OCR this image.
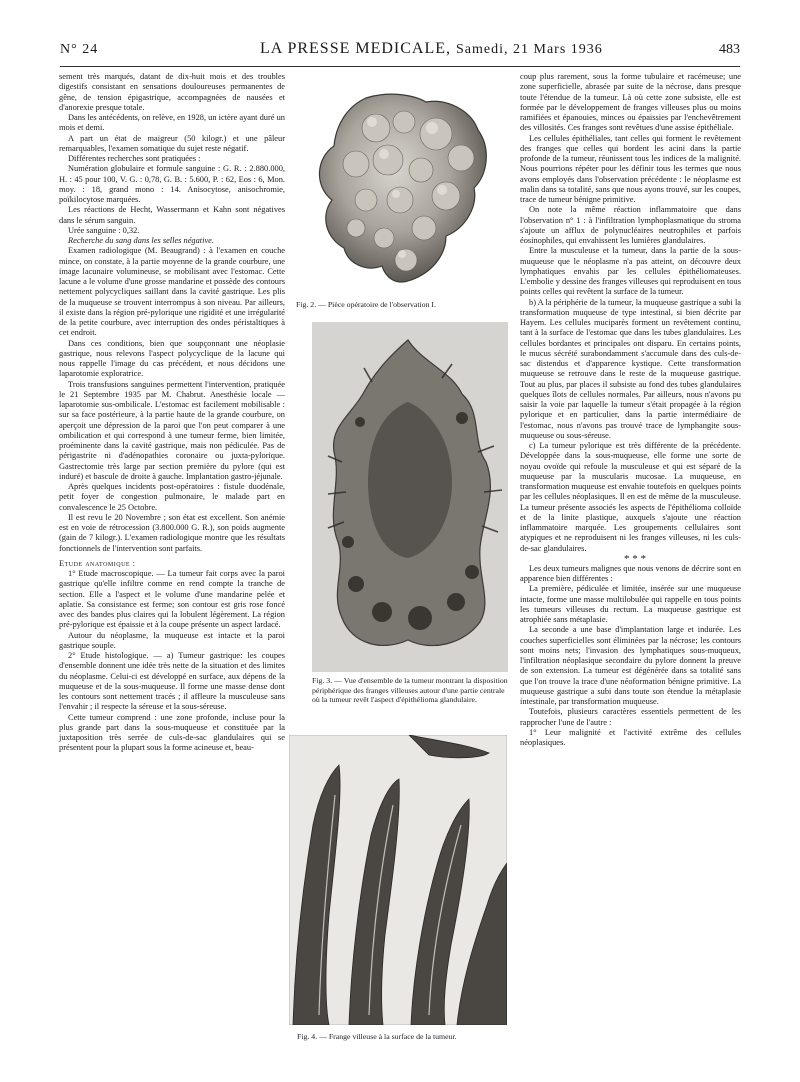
N° 24	LA PRESSE MEDICALE, Samedi, 21 Mars 1936	483

sement très marqués, datant de dix-huit mois et des troubles digestifs consistant en sensations douloureuses permanentes de gêne, de tension épigastrique, accompagnées de nausées et d'anorexie presque totale.

Dans les antécédents, on relève, en 1928, un ictère ayant duré un mois et demi.

A part un état de maigreur (50 kilogr.) et une pâleur remarquables, l'examen somatique du sujet reste négatif.

Différentes recherches sont pratiquées :

Numération globulaire et formule sanguine : G. R. : 2.880.000, H. : 45 pour 100, V. G. : 0,78, G. B. : 5.600, P. : 62, Eos : 6, Mon. moy. : 18, grand mono : 14. Anisocytose, anisochromie, poïkilocytose marquées.

Les réactions de Hecht, Wassermann et Kahn sont négatives dans le sérum sanguin.

Urée sanguine : 0,32.

Recherche du sang dans les selles négative.

Examen radiologique (M. Beaugrand) : à l'examen en couche mince, on constate, à la partie moyenne de la grande courbure, une image lacunaire volumineuse, se mobilisant avec l'estomac. Cette lacune a le volume d'une grosse mandarine et possède des contours nettement polycycliques saillant dans la cavité gastrique. Les plis de la muqueuse se trouvent interrompus à son niveau. Par ailleurs, il existe dans la région pré-pylorique une rigidité et une irrégularité de la petite courbure, avec interruption des ondes péristaltiques à cet endroit.

Dans ces conditions, bien que soupçonnant une néoplasie gastrique, nous relevons l'aspect polycyclique de la lacune qui nous rappelle l'image du cas précédent, et nous décidons une laparotomie exploratrice.

Trois transfusions sanguines permettent l'intervention, pratiquée le 21 Septembre 1935 par M. Chabrut. Anesthésie locale — laparotomie sus-ombilicale. L'estomac est facilement mobilisable : sur sa face postérieure, à la partie haute de la grande courbure, on aperçoit une dépression de la paroi que l'on peut comparer à une ombilication et qui correspond à une tumeur ferme, bien limitée, proéminente dans la cavité gastrique, mais non pédiculée. Pas de périgastrite ni d'adénopathies coronaire ou juxta-pylorique. Gastrectomie très large par section première du pylore (qui est induré) et bascule de droite à gauche. Implantation gastro-jéjunale.

Après quelques incidents post-opératoires : fistule duodénale, petit foyer de congestion pulmonaire, le malade part en convalescence le 25 Octobre.

Il est revu le 20 Novembre ; son état est excellent. Son anémie est en voie de rétrocession (3.800.000 G. R.), son poids augmente (gain de 7 kilogr.). L'examen radiologique montre que les résultats fonctionnels de l'intervention sont parfaits.

Etude anatomique :

1° Etude macroscopique. — La tumeur fait corps avec la paroi gastrique qu'elle infiltre comme en rend compte la tranche de section. Elle a l'aspect et le volume d'une mandarine pelée et aplatie. Sa consistance est ferme; son contour est gris rose foncé avec des bandes plus claires qui la lobulent légèrement. La région pré-pylorique est épaissie et à la coupe présente un aspect lardacé.

Autour du néoplasme, la muqueuse est intacte et la paroi gastrique souple.

2° Etude histologique. — a) Tumeur gastrique: les coupes d'ensemble donnent une idée très nette de la situation et des limites du néoplasme. Celui-ci est développé en surface, aux dépens de la muqueuse et de la sous-muqueuse. Il forme une masse dense dont les contours sont nettement tracés ; il affleure la musculeuse sans l'envahir ; il respecte la séreuse et la sous-séreuse.

Cette tumeur comprend : une zone profonde, incluse pour la plus grande part dans la sous-muqueuse et constituée par la juxtaposition très serrée de culs-de-sac glandulaires qui se présentent pour la plupart sous la forme acineuse et, beau-

Fig. 2. — Pièce opératoire de l'observation I.
Fig. 3. — Vue d'ensemble de la tumeur montrant la disposition périphérique des franges villeuses autour d'une partie centrale où la tumeur revêt l'aspect d'épithélioma glandulaire.
Fig. 4. — Frange villeuse à la surface de la tumeur.

coup plus rarement, sous la forme tubulaire et racémeuse; une zone superficielle, abrasée par suite de la nécrose, dans presque toute l'étendue de la tumeur. Là où cette zone subsiste, elle est formée par le développement de franges villeuses plus ou moins ramifiées et épanouies, minces ou épaissies par l'enchevêtrement des villosités. Ces franges sont revêtues d'une assise épithéliale.

Les cellules épithéliales, tant celles qui forment le revêtement des franges que celles qui bordent les acini dans la partie profonde de la tumeur, réunissent tous les indices de la malignité. Nous pourrions répéter pour les définir tous les termes que nous avons employés dans l'observation précédente : le néoplasme est malin dans sa totalité, sans que nous ayons trouvé, sur les coupes, trace de tumeur bénigne primitive.

On note la même réaction inflammatoire que dans l'observation n° 1 : à l'infiltration lymphoplasmatique du stroma s'ajoute un afflux de polynucléaires neutrophiles et parfois éosinophiles, qui envahissent les lumières glandulaires.

Entre la musculeuse et la tumeur, dans la partie de la sous-muqueuse que le néoplasme n'a pas atteint, on découvre deux lymphatiques envahis par les cellules épithéliomateuses. L'embolie y dessine des franges villeuses qui reproduisent en tous points celles qui revêtent la surface de la tumeur.

b) A la périphérie de la tumeur, la muqueuse gastrique a subi la transformation muqueuse de type intestinal, si bien décrite par Hayem. Les cellules muciparès forment un revêtement continu, tant à la surface de l'estomac que dans les tubes glandulaires. Les cellules bordantes et principales ont disparu. En certains points, le mucus sécrété surabondamment s'accumule dans des culs-de-sac distendus et d'apparence kystique. Cette transformation muqueuse se retrouve dans le reste de la muqueuse gastrique. Tout au plus, par places il subsiste au fond des tubes glandulaires quelques îlots de cellules normales. Par ailleurs, nous n'avons pu saisir la voie par laquelle la tumeur s'était propagée à la région pylorique et en particulier, dans la partie intermédiaire de l'estomac, nous n'avons pas trouvé trace de lymphangite sous-muqueuse ou sous-séreuse.

c) La tumeur pylorique est très différente de la précédente. Développée dans la sous-muqueuse, elle forme une sorte de noyau ovoïde qui refoule la musculeuse et qui est séparé de la muqueuse par la muscularis mucosae. La muqueuse, en transformation muqueuse est envahie toutefois en quelques points par les cellules néoplasiques. Il en est de même de la musculeuse. La tumeur présente associés les aspects de l'épithélioma colloïde et de la linite plastique, auxquels s'ajoute une réaction inflammatoire marquée. Les groupements cellulaires sont atypiques et ne reproduisent ni les franges villeuses, ni les culs-de-sac glandulaires.

* * *

Les deux tumeurs malignes que nous venons de décrire sont en apparence bien différentes :

La première, pédiculée et limitée, insérée sur une muqueuse intacte, forme une masse multilobulée qui rappelle en tous points les tumeurs villeuses du rectum. La muqueuse gastrique est atrophiée sans métaplasie.

La seconde a une base d'implantation large et indurée. Les couches superficielles sont éliminées par la nécrose; les contours sont moins nets; l'invasion des lymphatiques sous-muqueux, l'infiltration néoplasique secondaire du pylore donnent la preuve de son extension. La tumeur est dégénérée dans sa totalité sans que l'on trouve la trace d'une néoformation bénigne primitive. La muqueuse gastrique a subi dans toute son étendue la métaplasie intestinale, par transformation muqueuse.

Toutefois, plusieurs caractères essentiels permettent de les rapprocher l'une de l'autre :

1° Leur malignité et l'activité extrême des cellules néoplasiques.
